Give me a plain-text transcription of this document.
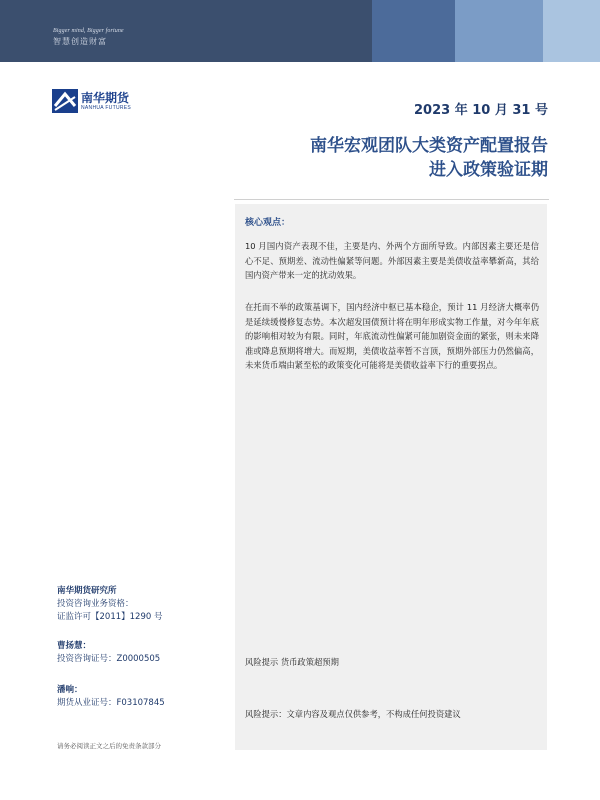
Bigger mind, Bigger fortune
智慧创造财富
南华期货
NANHUA FUTURES	2023 年 10 月 31 号
南华宏观团队大类资产配置报告
进入政策验证期
核心观点：
10 月国内资产表现不佳，主要是内、外两个方面所导致。内部因素主要还是信心不足、预期差、流动性偏紧等问题。外部因素主要是美债收益率攀新高，其给国内资产带来一定的扰动效果。
在托而不举的政策基调下，国内经济中枢已基本稳企，预计 11 月经济大概率仍是延续缓慢修复态势。本次超发国债预计将在明年形成实物工作量，对今年年底的影响相对较为有限。同时，年底流动性偏紧可能加剧资金面的紧张，则未来降准或降息预期将增大。而短期，美债收益率暂不言顶，预期外部压力仍然偏高，未来货币端由紧至松的政策变化可能将是美债收益率下行的重要拐点。
风险提示 货币政策超预期
风险提示：文章内容及观点仅供参考，不构成任何投资建议
南华期货研究所
投资咨询业务资格：
证监许可【2011】1290 号
曹扬慧：
投资咨询证号：Z0000505
潘响：
期货从业证号：F03107845
请务必阅读正文之后的免责条款部分
